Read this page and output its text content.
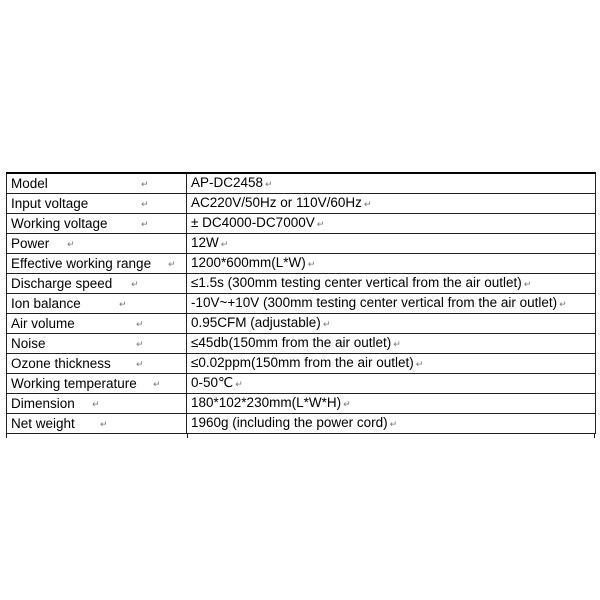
Model ↵	AP-DC2458 ↵

Input voltage ↵	AC220V/50Hz or 110V/60Hz ↵

Working voltage ↵	± DC4000-DC7000V ↵

Power ↵	12W ↵

Effective working range ↵	1200*600mm(L*W) ↵

Discharge speed ↵	≤1.5s (300mm testing center vertical from the air outlet) ↵

Ion balance ↵	-10V~+10V (300mm testing center vertical from the air outlet) ↵

Air volume ↵	0.95CFM (adjustable) ↵

Noise ↵	≤45db(150mm from the air outlet) ↵

Ozone thickness ↵	≤0.02ppm(150mm from the air outlet) ↵

Working temperature ↵	0-50℃ ↵

Dimension ↵	180*102*230mm(L*W*H) ↵

Net weight ↵	1960g (including the power cord) ↵
